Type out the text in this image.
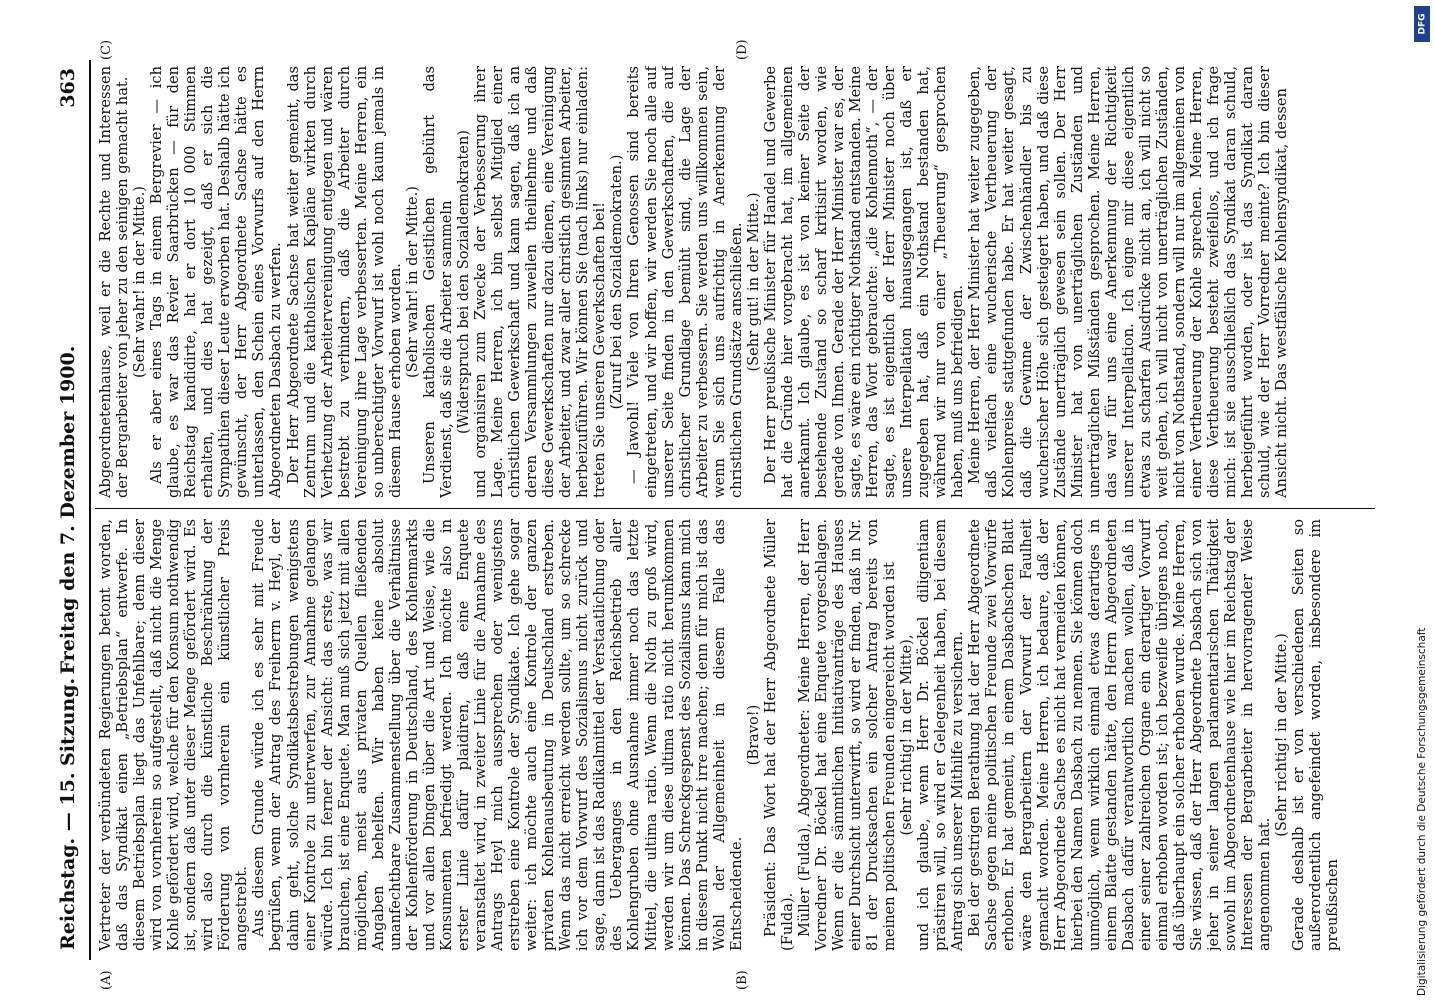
Reichstag. — 15. Sitzung.
Freitag den 7. Dezember 1900.
363

Vertreter der verbündeten Regierungen betont worden, daß das Syndikat einen „Betriebsplan“ entwerfe. In diesem Betriebsplan liegt das Unfehlbare; denn dieser wird von vornherein so aufgestellt, daß nicht die Menge Kohle gefördert wird, welche für den Konsum nothwendig ist, sondern daß unter dieser Menge gefördert wird. Es wird also durch die künstliche Beschränkung der Förderung von vornherein ein künstlicher Preis angestrebt. Aus diesem Grunde würde ich es sehr mit Freude begrüßen, wenn der Antrag des Freiherrn v. Heyl, der dahin geht, solche Syndikatsbestrebungen wenigstens einer Kontrole zu unterwerfen, zur Annahme gelangen würde. Ich bin ferner der Ansicht: das erste, was wir brauchen, ist eine Enquete. Man muß sich jetzt mit allen möglichen, meist aus privaten Quellen fließenden Angaben behelfen. Wir haben keine absolut unanfechtbare Zusammenstellung über die Verhältnisse der Kohlenförderung in Deutschland, des Kohlenmarkts und vor allen Dingen über die Art und Weise, wie die Konsumenten befriedigt werden. Ich möchte also in erster Linie dafür plaidiren, daß eine Enquete veranstaltet wird, in zweiter Linie für die Annahme des Antrags Heyl mich aussprechen oder wenigstens erstreben eine Kontrole der Syndikate. Ich gehe sogar weiter: ich möchte auch eine Kontrole der ganzen privaten Kohlenausbeutung in Deutschland erstreben. Wenn das nicht erreicht werden sollte, um so schrecke ich vor dem Vorwurf des Sozialismus nicht zurück und sage, dann ist das Radikalmittel der Verstaatlichung oder des Ueberganges in den Reichsbetrieb aller Kohlengruben ohne Ausnahme immer noch das letzte Mittel, die ultima ratio. Wenn die Noth zu groß wird, werden wir um diese ultima ratio nicht herumkommen können. Das Schreckgespenst des Sozialismus kann mich in diesem Punkt nicht irre machen; denn für mich ist das Wohl der Allgemeinheit in diesem Falle das Entscheidende.

(Bravo!) Präsident: Das Wort hat der Herr Abgeordnete Müller (Fulda). Müller (Fulda), Abgeordneter: Meine Herren, der Herr Vorredner Dr. Böckel hat eine Enquete vorgeschlagen. Wenn er die sämmtlichen Initiativanträge des Hauses einer Durchsicht unterwirft, so wird er finden, daß in Nr. 81 der Drucksachen ein solcher Antrag bereits von meinen politischen Freunden eingereicht worden ist (sehr richtig! in der Mitte), und ich glaube, wenn Herr Dr. Böckel diligentiam prästiren will, so wird er Gelegenheit haben, bei diesem Antrag sich unserer Mithilfe zu versichern. Bei der gestrigen Berathung hat der Herr Abgeordnete Sachse gegen meine politischen Freunde zwei Vorwürfe erhoben. Er hat gemeint, in einem Dasbachschen Blatt wäre den Bergarbeitern der Vorwurf der Faulheit gemacht worden. Meine Herren, ich bedaure, daß der Herr Abgeordnete Sachse es nicht hat vermeiden können, hierbei den Namen Dasbach zu nennen. Sie können doch unmöglich, wenn wirklich einmal etwas derartiges in einem Blatte gestanden hätte, den Herrn Abgeordneten Dasbach dafür verantwortlich machen wollen, daß in einer seiner zahlreichen Organe ein derartiger Vorwurf einmal erhoben worden ist; ich bezweifle übrigens noch, daß überhaupt ein solcher erhoben wurde. Meine Herren, Sie wissen, daß der Herr Abgeordnete Dasbach sich von jeher in seiner langen parlamentarischen Thätigkeit sowohl im Abgeordnetenhause wie hier im Reichstag der Interessen der Bergarbeiter in hervorragender Weise angenommen hat.

(Sehr richtig! in der Mitte.) Gerade deshalb ist er von verschiedenen Seiten so außerordentlich angefeindet worden, insbesondere im preußischen

Abgeordnetenhause, weil er die Rechte und Interessen der Bergarbeiter von jeher zu den seinigen gemacht hat. (Sehr wahr! in der Mitte.) Als er aber eines Tags in einem Bergrevier — ich glaube, es war das Revier Saarbrücken — für den Reichstag kandidirte, hat er dort 10 000 Stimmen erhalten, und dies hat gezeigt, daß er sich die Sympathien dieser Leute erworben hat. Deshalb hätte ich gewünscht, der Herr Abgeordnete Sachse hätte es unterlassen, den Schein eines Vorwurfs auf den Herrn Abgeordneten Dasbach zu werfen. Der Herr Abgeordnete Sachse hat weiter gemeint, das Zentrum und die katholischen Kapläne wirkten durch Verhetzung der Arbeitervereinigung entgegen und wären bestrebt zu verhindern, daß die Arbeiter durch Vereinigung ihre Lage verbesserten. Meine Herren, ein so unberechtigter Vorwurf ist wohl noch kaum jemals in diesem Hause erhoben worden. (Sehr wahr! in der Mitte.) Unseren katholischen Geistlichen gebührt das Verdienst, daß sie die Arbeiter sammeln (Widerspruch bei den Sozialdemokraten) und organisiren zum Zwecke der Verbesserung ihrer Lage. Meine Herren, ich bin selbst Mitglied einer christlichen Gewerkschaft und kann sagen, daß ich an deren Versammlungen zuweilen theilnehme und daß diese Gewerkschaften nur dazu dienen, eine Vereinigung der Arbeiter, und zwar aller christlich gesinnten Arbeiter, herbeizuführen. Wir können Sie (nach links) nur einladen: treten Sie unseren Gewerkschaften bei! (Zuruf bei den Sozialdemokraten.) — Jawohl! Viele von Ihren Genossen sind bereits eingetreten, und wir hoffen, wir werden Sie noch alle auf unserer Seite finden in den Gewerkschaften, die auf christlicher Grundlage bemüht sind, die Lage der Arbeiter zu verbessern. Sie werden uns willkommen sein, wenn Sie sich uns aufrichtig in Anerkennung der christlichen Grundsätze anschließen. (Sehr gut! in der Mitte.) Der Herr preußische Minister für Handel und Gewerbe hat die Gründe hier vorgebracht hat, im allgemeinen anerkannt. Ich glaube, es ist von keiner Seite der bestehende Zustand so scharf kritisirt worden, wie gerade von Ihnen. Gerade der Herr Minister war es, der sagte, es wäre ein richtiger Nothstand entstanden. Meine Herren, das Wort gebrauchte: „die Kohlennoth“, — der sagte, es ist eigentlich der Herr Minister noch über unsere Interpellation hinausgegangen ist, daß er zugegeben hat, daß ein Nothstand bestanden hat, während wir nur von einer „Theuerung“ gesprochen haben, muß uns befriedigen. Meine Herren, der Herr Minister hat weiter zugegeben, daß vielfach eine wucherische Vertheuerung der Kohlenpreise stattgefunden habe. Er hat weiter gesagt, daß die Gewinne der Zwischenhändler bis zu wucherischer Höhe sich gesteigert haben, und daß diese Zustände unerträglich gewesen sein sollen. Der Herr Minister hat von unerträglichen Zuständen und unerträglichen Mißständen gesprochen. Meine Herren, das war für uns eine Anerkennung der Richtigkeit unserer Interpellation. Ich eigne mir diese eigentlich etwas zu scharfen Ausdrücke nicht an, ich will nicht so weit gehen, ich will nicht von unerträglichen Zuständen, nicht von Nothstand, sondern will nur im allgemeinen von einer Vertheuerung der Kohle sprechen. Meine Herren, diese Vertheuerung besteht zweifellos, und ich frage mich: ist sie ausschließlich das Syndikat daran schuld, herbeigeführt worden, oder ist das Syndikat daran schuld, wie der Herr Vorredner meinte? Ich bin dieser Ansicht nicht. Das westfälische Kohlensyndikat, dessen

(A)	(B)
(C)	(D)
DFG
Digitalisierung gefördert durch die Deutsche Forschungsgemeinschaft
